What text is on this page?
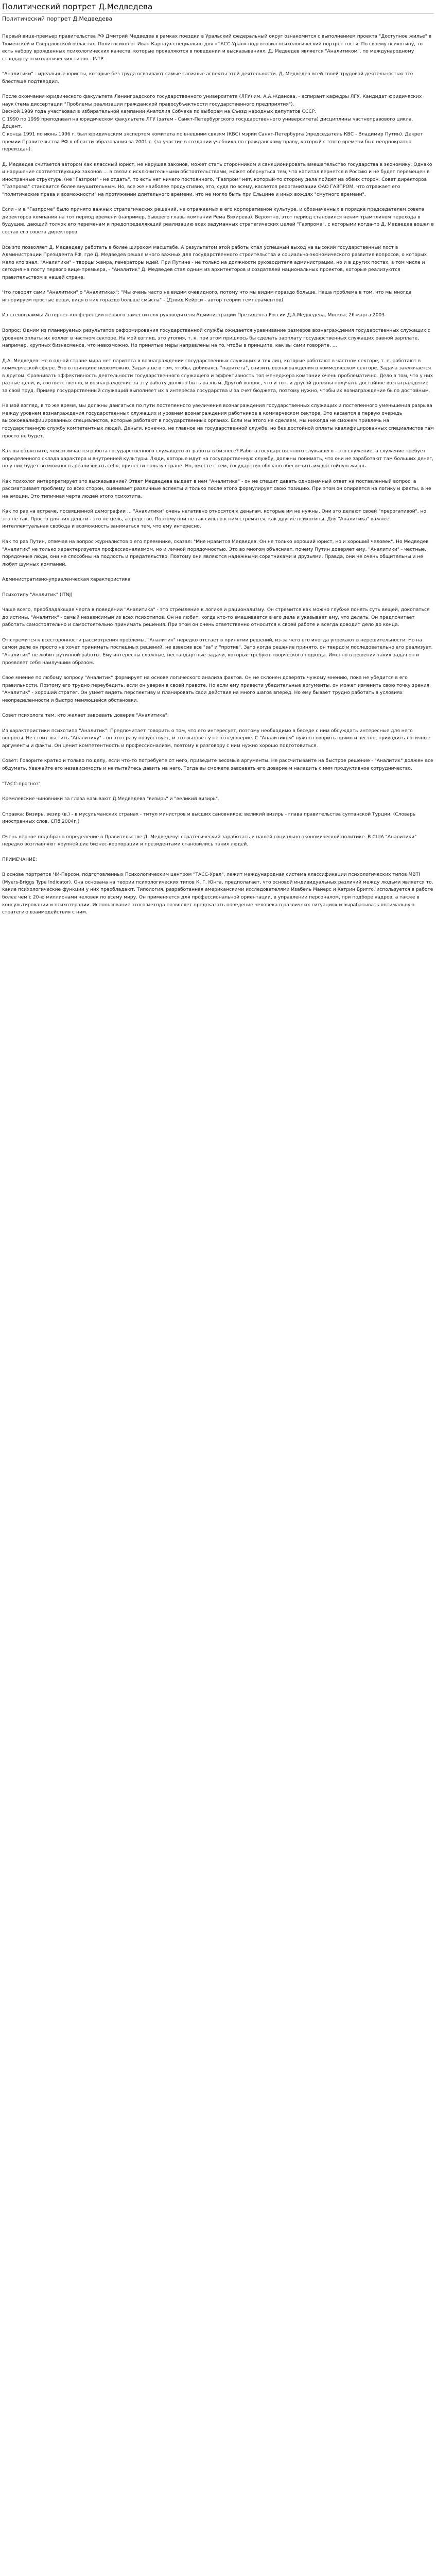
Политический портрет Д.Медведева
Политический портрет Д.Медведева

Первый вице-премьер правительства РФ Дмитрий Медведев в рамках поездки в Уральский федеральный округ ознакомится с выполнением проекта "Доступное жилье" в Тюменской и Свердловской областях. Политпсихолог Иван Карнаух специально для «ТАСС-Урал» подготовил психологический портрет гостя. По своему психотипу, то есть набору врожденных психологических качеств, которые проявляются в поведении и высказываниях, Д. Медведев является "Аналитиком", по международному стандарту психологических типов - INTP.

"Аналитики" - идеальные юристы, которые без труда осваивают самые сложные аспекты этой деятельности. Д. Медведев всей своей трудовой деятельностью это блестяще подтвердил.

После окончания юридического факультета Ленинградского государственного университета (ЛГУ) им. А.А.Жданова, - аспирант кафедры ЛГУ. Кандидат юридических наук (тема диссертации "Проблемы реализации гражданской правосубъектности государственного предприятия").
Весной 1989 года участвовал в избирательной кампании Анатолия Собчака по выборам на Съезд народных депутатов СССР.
С 1990 по 1999 преподавал на юридическом факультете ЛГУ (затем - Санкт-Петербургского государственного университета) дисциплины частноправового цикла. Доцент.
С конца 1991 по июнь 1996 г. был юридическим экспертом комитета по внешним связям (КВС) мэрии Санкт-Петербурга (председатель КВС - Владимир Путин). Декрет премии Правительства РФ в области образования за 2001 г. (за участие в создании учебника по гражданскому праву, который с этого времени был неоднократно переиздан).

Д. Медведев считается автором как классный юрист, не нарушая законов, может стать сторонником и санкционировать вмешательство государства в экономику. Однако и нарушение соответствующих законов ... в связи с исключительными обстоятельствами, может обернуться тем, что капитал вернется в Россию и не будет перемещен в иностранные структуры (не "Газпром" - не отдать", то есть нет ничего постоянного, "Газпром" нет, который-то сторону дела пойдет на обеих сторон. Совет директоров "Газпрома" становится более внушительным. Но, все же наиболее продуктивно, это, судя по всему, касается реорганизации ОАО ГАЗПРОМ, что отражает его "политические права и возможности" на протяжении длительного времени, что не могло быть при Ельцине и иных вождях "смутного времени".

Если - и в "Газпроме" было принято важных стратегических решений, не отражаемых в его корпоративной культуре, и обозначенных в порядке председателем совета директоров компании на тот период времени (например, бывшего главы компании Рема Вяхирева). Вероятно, этот период становился неким трамплином перехода в будущее, дающий толчок его переменам и предопределяющий реализацию всех задуманных стратегических целей "Газпрома", с которыми когда-то Д. Медведев вошел в состав его совета директоров.

Все это позволяет Д. Медведеву работать в более широком масштабе. А результатом этой работы стал успешный выход на высокий государственный пост в Администрации Президента РФ, где Д. Медведев решал много важных для государственного строительства и социально-экономического развития вопросов, о которых мало кто знал. "Аналитики" - творцы жанра, генераторы идей. При Путине - не только на должности руководителя администрации, но и в других постах, в том числе и сегодня на посту первого вице-премьера, - "Аналитик" Д. Медведев стал одним из архитекторов и создателей национальных проектов, которые реализуются правительством в нашей стране.

Что говорят сами "Аналитики" о "Аналитиках": "Мы очень часто не видим очевидного, потому что мы видим гораздо больше. Наша проблема в том, что мы иногда игнорируем простые вещи, видя в них гораздо больше смысла" - (Дэвид Кейрси - автор теории темпераментов).

Из стенограммы Интернет-конференции первого заместителя руководителя Администрации Президента России Д.А.Медведева, Москва, 26 марта 2003

Вопрос: Одним из планируемых результатов реформирования государственной службы ожидается уравнивание размеров вознаграждения государственных служащих с уровнем оплаты их коллег в частном секторе. На мой взгляд, это утопия, т. к. при этом пришлось бы сделать зарплату государственных служащих равной зарплате, например, крупных бизнесменов, что невозможно. Но принятые меры направлены на то, чтобы в принципе, как вы сами говорите, ...

Д.А. Медведев: Не в одной стране мира нет паритета в вознаграждении государственных служащих и тех лиц, которые работают в частном секторе, т. е. работают в коммерческой сфере. Это в принципе невозможно. Задача не в том, чтобы, добиваясь "паритета", снизить вознаграждения в коммерческом секторе. Задача заключается в другом. Сравнивать эффективность деятельности государственного служащего и эффективность топ-менеджера компании очень проблематично. Дело в том, что у них разные цели, и, соответственно, и вознаграждение за эту работу должно быть разным. Другой вопрос, что и тот, и другой должны получать достойное вознаграждение за свой труд. Пример государственный служащий выполняет их в интересах государства и за счет бюджета, поэтому нужно, чтобы их вознаграждение было достойным.

На мой взгляд, в то же время, мы должны двигаться по пути постепенного увеличения вознаграждения государственных служащих и постепенного уменьшения разрыва между уровнем вознаграждения государственных служащих и уровнем вознаграждения работников в коммерческом секторе. Это касается в первую очередь высококвалифицированных специалистов, которые работают в государственных органах. Если мы этого не сделаем, мы никогда не сможем привлечь на государственную службу компетентных людей. Деньги, конечно, не главное на государственной службе, но без достойной оплаты квалифицированных специалистов там просто не будет.

Как вы объясните, чем отличается работа государственного служащего от работы в бизнесе? Работа государственного служащего - это служение, а служение требует определенного склада характера и внутренней культуры. Люди, которые идут на государственную службу, должны понимать, что они не заработают там больших денег, но у них будет возможность реализовать себя, принести пользу стране. Но, вместе с тем, государство обязано обеспечить им достойную жизнь.

Как психолог интерпретирует это высказывание? Ответ Медведева выдает в нем "Аналитика" - он не спешит давать однозначный ответ на поставленный вопрос, а рассматривает проблему со всех сторон, оценивает различные аспекты и только после этого формулирует свою позицию. При этом он опирается на логику и факты, а не на эмоции. Это типичная черта людей этого психотипа.

Как то раз на встрече, посвященной демографии ... "Аналитики" очень негативно относятся к деньгам, которые им не нужны. Они это делают своей "прерогативой", но это не так. Просто для них деньги - это не цель, а средство. Поэтому они не так сильно к ним стремятся, как другие психотипы. Для "Аналитика" важнее интеллектуальная свобода и возможность заниматься тем, что ему интересно.

Как то раз Путин, отвечая на вопрос журналистов о его преемнике, сказал: "Мне нравится Медведев. Он не только хороший юрист, но и хороший человек". Но Медведев "Аналитик" не только характеризуется профессионализмом, но и личной порядочностью. Это во многом объясняет, почему Путин доверяет ему. "Аналитики" - честные, порядочные люди, они не способны на подлость и предательство. Поэтому они являются надежными соратниками и друзьями. Правда, они не очень общительны и не любят шумных компаний.

Административно-управленческая характеристика

Психотипу "Аналитик" (ITNJ)

Чаще всего, преобладающая черта в поведении "Аналитика" - это стремление к логике и рационализму. Он стремится как можно глубже понять суть вещей, докопаться до истины. "Аналитик" - самый независимый из всех психотипов. Он не любит, когда кто-то вмешивается в его дела и указывает ему, что делать. Он предпочитает работать самостоятельно и самостоятельно принимать решения. При этом он очень ответственно относится к своей работе и всегда доводит дело до конца.

От стремится к всесторонности рассмотрения проблемы, "Аналитик" нередко отстает в принятии решений, из-за чего его иногда упрекают в нерешительности. Но на самом деле он просто не хочет принимать поспешных решений, не взвесив все "за" и "против". Зато когда решение принято, он твердо и последовательно его реализует. "Аналитик" не любит рутинной работы. Ему интересны сложные, нестандартные задачи, которые требуют творческого подхода. Именно в решении таких задач он и проявляет себя наилучшим образом.

Свое мнение по любому вопросу "Аналитик" формирует на основе логического анализа фактов. Он не склонен доверять чужому мнению, пока не убедится в его правильности. Поэтому его трудно переубедить, если он уверен в своей правоте. Но если ему привести убедительные аргументы, он может изменить свою точку зрения. "Аналитик" - хороший стратег. Он умеет видеть перспективу и планировать свои действия на много шагов вперед. Но ему бывает трудно работать в условиях неопределенности и быстро меняющейся обстановки.

Совет психолога тем, кто желает завоевать доверие "Аналитика":

Из характеристики психотипа "Аналитик": Предпочитает говорить о том, что его интересует, поэтому необходимо в беседе с ним обсуждать интересные для него вопросы. Не стоит льстить "Аналитику" - он это сразу почувствует, и это вызовет у него недоверие. С "Аналитиком" нужно говорить прямо и честно, приводить логичные аргументы и факты. Он ценит компетентность и профессионализм, поэтому к разговору с ним нужно хорошо подготовиться.

Совет: Говорите кратко и только по делу, если что-то потребуете от него, приведите весомые аргументы. Не рассчитывайте на быстрое решение - "Аналитик" должен все обдумать. Уважайте его независимость и не пытайтесь давить на него. Тогда вы сможете завоевать его доверие и наладить с ним продуктивное сотрудничество.

"ТАСС-прогноз"

Кремлевские чиновники за глаза называют Д.Медведева "визирь" и "великий визирь".

Справка: Визирь, везир (в.) - в мусульманских странах - титул министров и высших сановников; великий визирь - глава правительства султанской Турции. (Словарь иностранных слов, СПб.2004г.)

Очень верное подобрано определение в Правительстве Д. Медведеву: стратегический заработать и нашей социально-экономической политике. В США "Аналитики" нередко возглавляют крупнейшие бизнес-корпорации и президентами становились таких людей.

ПРИМЕЧАНИЕ:

В основе портретов ЧИ-Персон, подготовленных Психологическим центром "ТАСС-Урал", лежит международная система классификации психологических типов MBTI (Myers-Briggs Type Indicator). Она основана на теории психологических типов К. Г. Юнга, предполагает, что основой индивидуальных различий между людьми является то, какие психологические функции у них преобладают. Типология, разработанная американскими исследователями Изабель Майерс и Кэтрин Бриггс, используется в работе более чем с 20-ю миллионами человек по всему миру. Он применяется для профессиональной ориентации, в управлении персоналом, при подборе кадров, а также в консультировании и психотерапии. Использование этого метода позволяет предсказать поведение человека в различных ситуациях и вырабатывать оптимальную стратегию взаимодействия с ним.
